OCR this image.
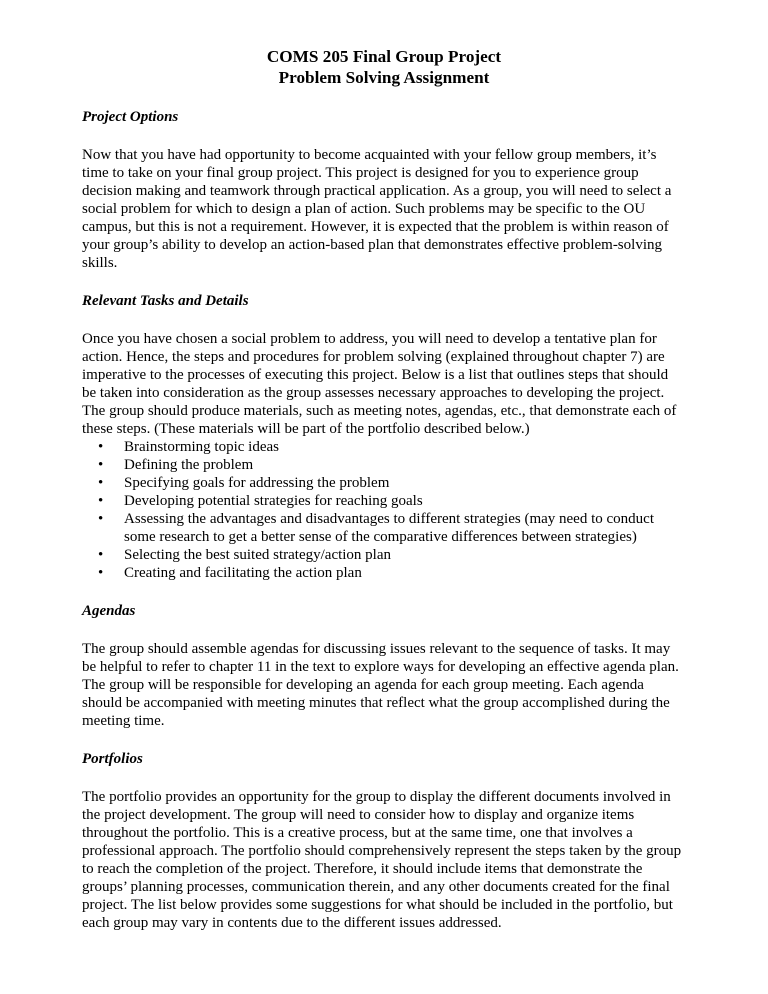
COMS 205 Final Group Project
Problem Solving Assignment
Project Options

Now that you have had opportunity to become acquainted with your fellow group members, it’s time to take on your final group project. This project is designed for you to experience group decision making and teamwork through practical application. As a group, you will need to select a social problem for which to design a plan of action. Such problems may be specific to the OU campus, but this is not a requirement. However, it is expected that the problem is within reason of your group’s ability to develop an action-based plan that demonstrates effective problem-solving skills.

Relevant Tasks and Details

Once you have chosen a social problem to address, you will need to develop a tentative plan for action. Hence, the steps and procedures for problem solving (explained throughout chapter 7) are imperative to the processes of executing this project. Below is a list that outlines steps that should be taken into consideration as the group assesses necessary approaches to developing the project. The group should produce materials, such as meeting notes, agendas, etc., that demonstrate each of these steps. (These materials will be part of the portfolio described below.)

• Brainstorming topic ideas
• Defining the problem
• Specifying goals for addressing the problem
• Developing potential strategies for reaching goals
• Assessing the advantages and disadvantages to different strategies (may need to conduct some research to get a better sense of the comparative differences between strategies)
• Selecting the best suited strategy/action plan
• Creating and facilitating the action plan
Agendas

The group should assemble agendas for discussing issues relevant to the sequence of tasks. It may be helpful to refer to chapter 11 in the text to explore ways for developing an effective agenda plan. The group will be responsible for developing an agenda for each group meeting. Each agenda should be accompanied with meeting minutes that reflect what the group accomplished during the meeting time.

Portfolios

The portfolio provides an opportunity for the group to display the different documents involved in the project development. The group will need to consider how to display and organize items throughout the portfolio. This is a creative process, but at the same time, one that involves a professional approach. The portfolio should comprehensively represent the steps taken by the group to reach the completion of the project. Therefore, it should include items that demonstrate the groups’ planning processes, communication therein, and any other documents created for the final project. The list below provides some suggestions for what should be included in the portfolio, but each group may vary in contents due to the different issues addressed.
